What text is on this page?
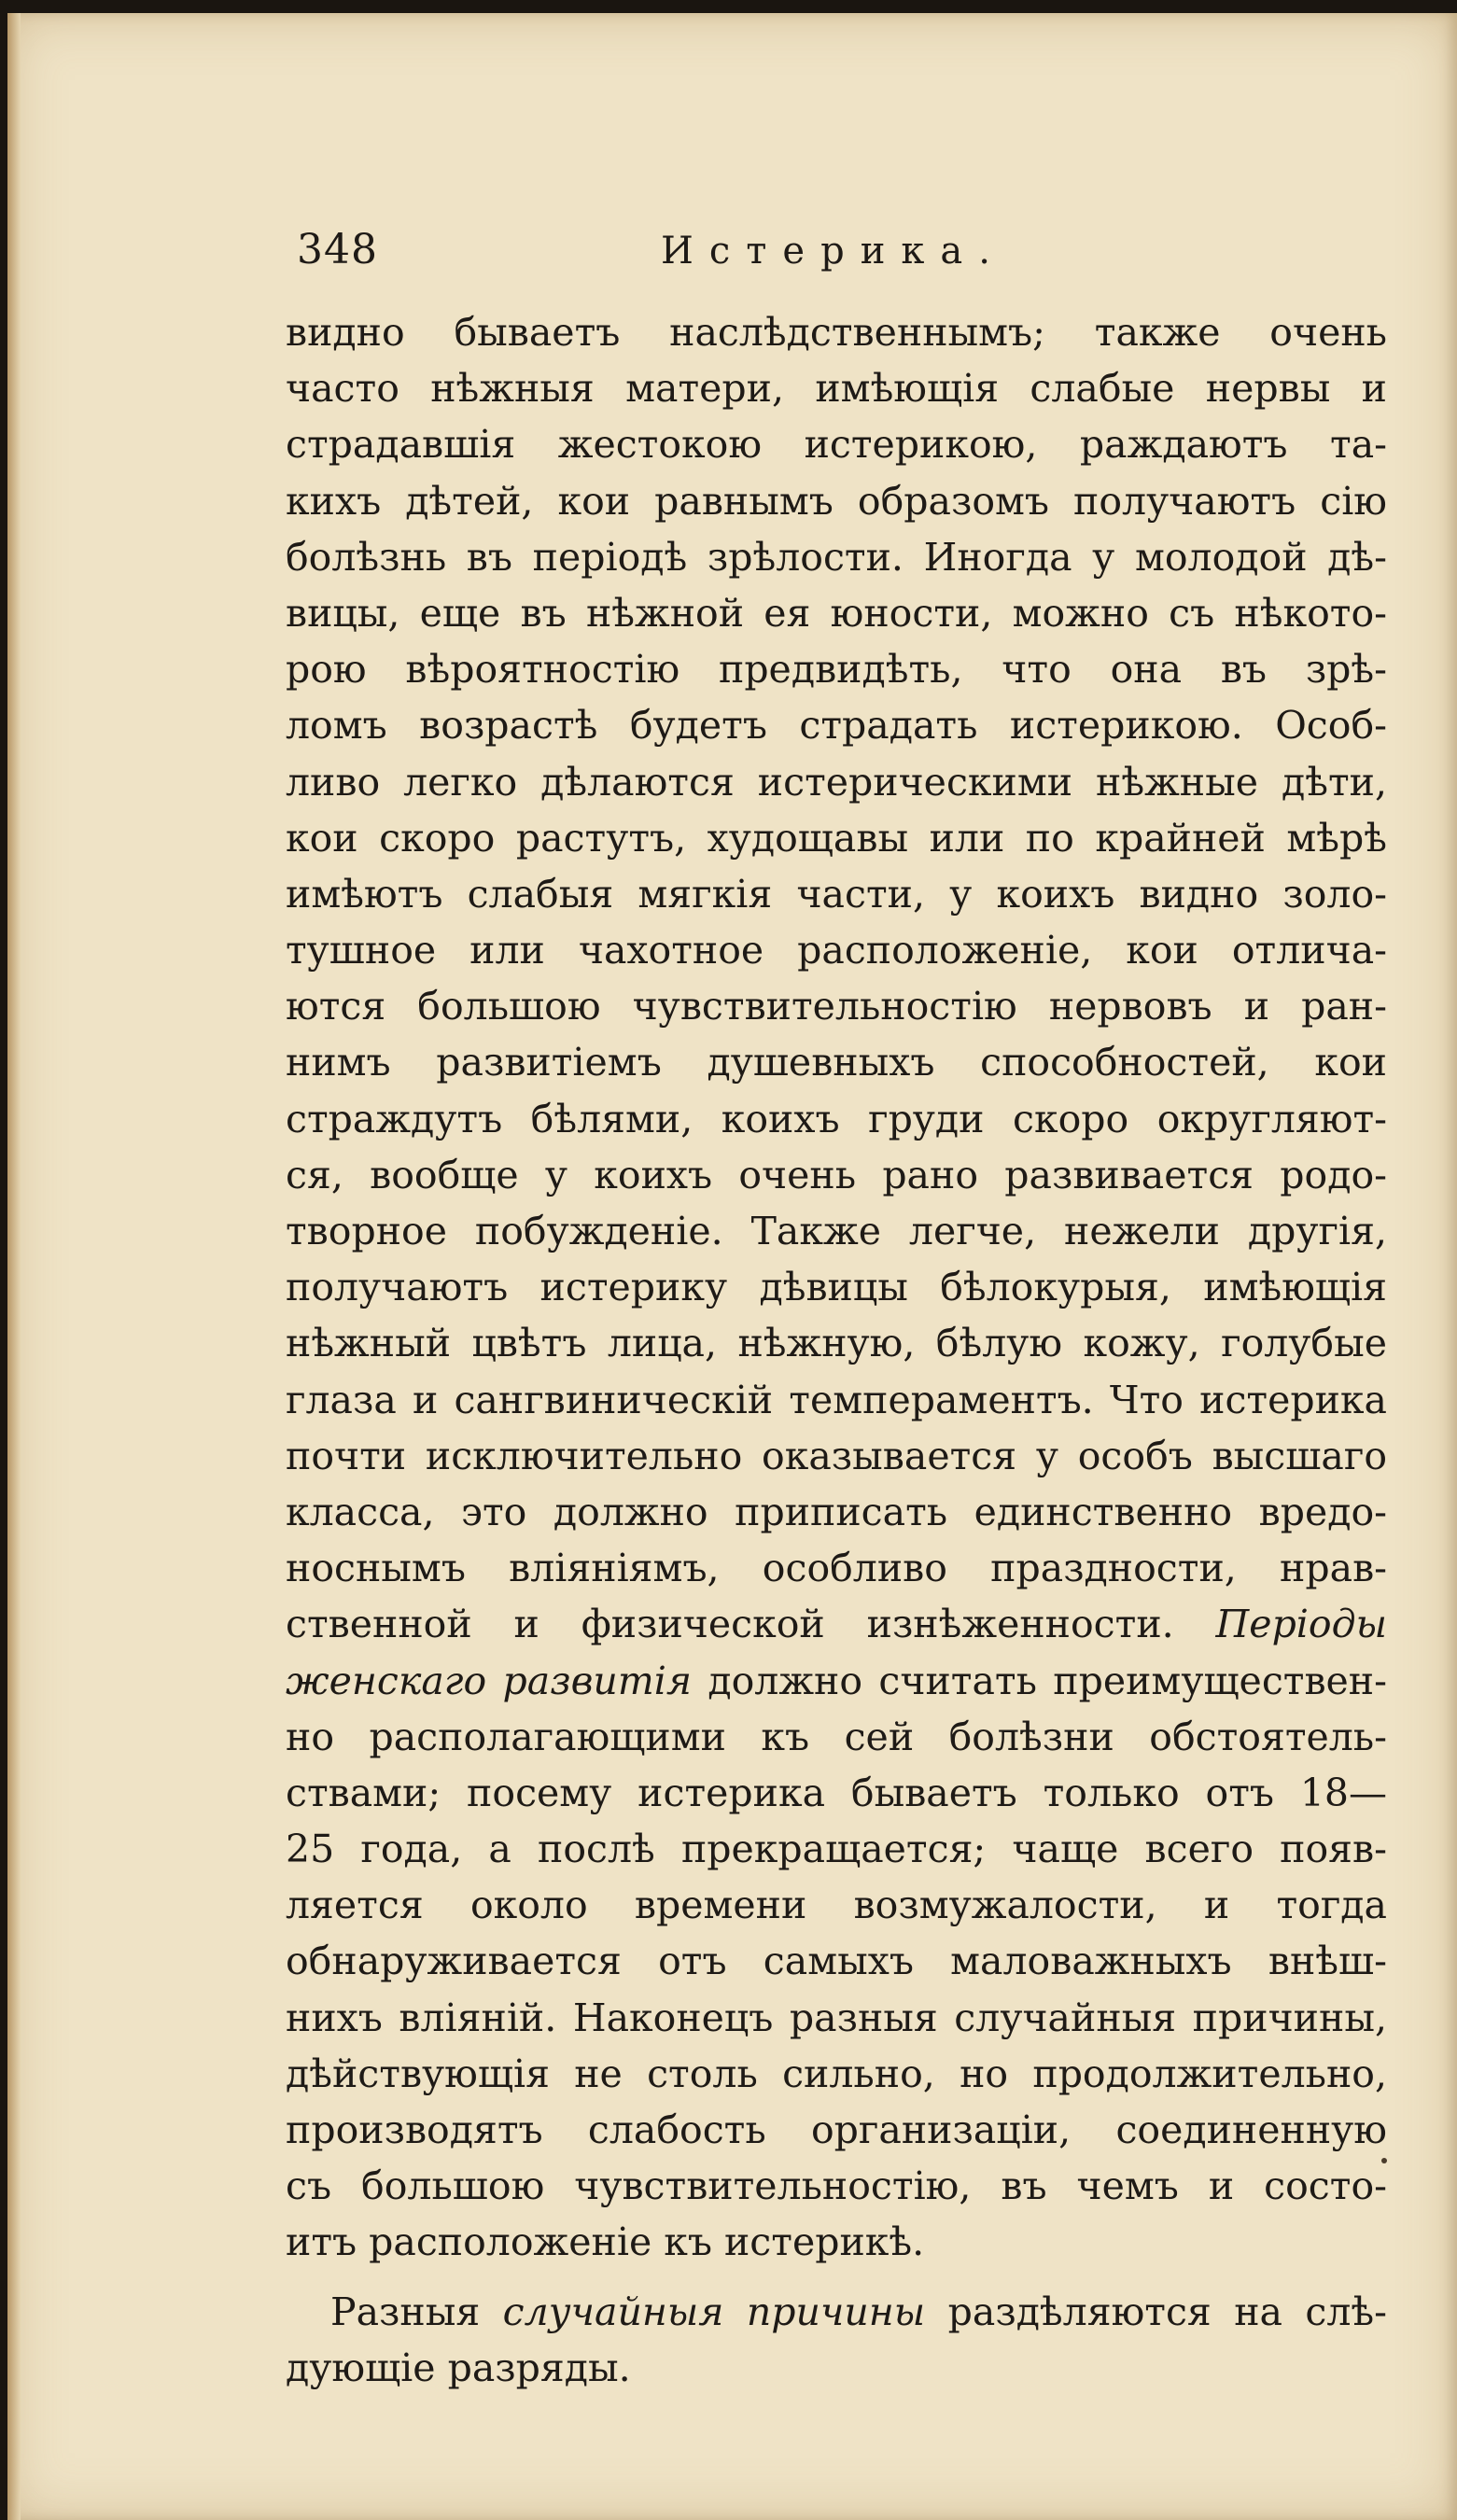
348	Истерика.
видно бываетъ наслѣдственнымъ; также очень
часто нѣжныя матери, имѣющія слабые нервы и
страдавшія жестокою истерикою, раждаютъ та-
кихъ дѣтей, кои равнымъ образомъ получаютъ сію
болѣзнь въ періодѣ зрѣлости. Иногда у молодой дѣ-
вицы, еще въ нѣжной ея юности, можно съ нѣкото-
рою вѣроятностію предвидѣть, что она въ зрѣ-
ломъ возрастѣ будетъ страдать истерикою. Особ-
ливо легко дѣлаются истерическими нѣжные дѣти,
кои скоро растутъ, худощавы или по крайней мѣрѣ
имѣютъ слабыя мягкія части, у коихъ видно золо-
тушное или чахотное расположеніе, кои отлича-
ются большою чувствительностію нервовъ и ран-
нимъ развитіемъ душевныхъ способностей, кои
страждутъ бѣлями, коихъ груди скоро округляют-
ся, вообще у коихъ очень рано развивается родо-
творное побужденіе. Также легче, нежели другія,
получаютъ истерику дѣвицы бѣлокурыя, имѣющія
нѣжный цвѣтъ лица, нѣжную, бѣлую кожу, голубые
глаза и сангвиническій темпераментъ. Что истерика
почти исключительно оказывается у особъ высшаго
класса, это должно приписать единственно вредо-
носнымъ вліяніямъ, особливо праздности, нрав-
ственной и физической изнѣженности. Періоды
женскаго развитія должно считать преимуществен-
но располагающими къ сей болѣзни обстоятель-
ствами; посему истерика бываетъ только отъ 18—
25 года, а послѣ прекращается; чаще всего появ-
ляется около времени возмужалости, и тогда
обнаруживается отъ самыхъ маловажныхъ внѣш-
нихъ вліяній. Наконецъ разныя случайныя причины,
дѣйствующія не столь сильно, но продолжительно,
производятъ слабость организаціи, соединенную
съ большою чувствительностію, въ чемъ и состо-
итъ расположеніе къ истерикѣ.
Разныя случайныя причины раздѣляются на слѣ-
дующіе разряды.
